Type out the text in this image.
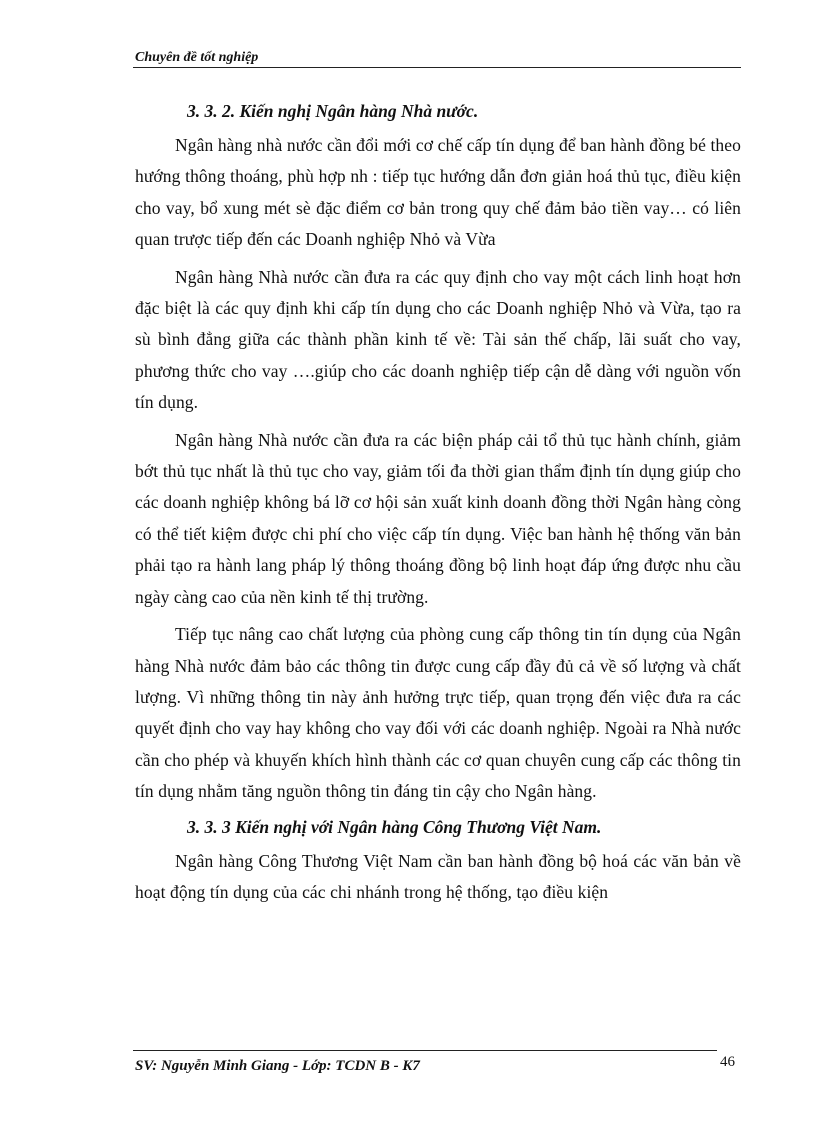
Chuyên đề tốt nghiệp

3. 3. 2. Kiến nghị Ngân hàng Nhà nước.

Ngân hàng nhà nước cần đổi mới cơ chế cấp tín dụng để ban hành đồng bé theo hướng thông thoáng, phù hợp nh : tiếp tục hướng dẫn đơn giản hoá thủ tục, điều kiện cho vay, bổ xung mét sè đặc điểm cơ bản trong quy chế đảm bảo tiền vay… có liên quan trược tiếp đến các Doanh nghiệp Nhỏ và Vừa

Ngân hàng Nhà nước cần đưa ra các quy định cho vay một cách linh hoạt hơn đặc biệt là các quy định khi cấp tín dụng cho các Doanh nghiệp Nhỏ và Vừa, tạo ra sù bình đẳng giữa các thành phần kinh tế về: Tài sản thế chấp, lãi suất cho vay, phương thức cho vay ….giúp cho các doanh nghiệp tiếp cận dễ dàng với nguồn vốn tín dụng.

Ngân hàng Nhà nước cần đưa ra các biện pháp cải tổ thủ tục hành chính, giảm bớt thủ tục nhất là thủ tục cho vay, giảm tối đa thời gian thẩm định tín dụng giúp cho các doanh nghiệp không bá lỡ cơ hội sản xuất kinh doanh đồng thời Ngân hàng còng có thể tiết kiệm được chi phí cho việc cấp tín dụng. Việc ban hành hệ thống văn bản phải tạo ra hành lang pháp lý thông thoáng đồng bộ linh hoạt đáp ứng được nhu cầu ngày càng cao của nền kinh tế thị trường.

Tiếp tục nâng cao chất lượng của phòng cung cấp thông tin tín dụng của Ngân hàng Nhà nước đảm bảo các thông tin được cung cấp đầy đủ cả về số lượng và chất lượng. Vì những thông tin này ảnh hưởng trực tiếp, quan trọng đến việc đưa ra các quyết định cho vay hay không cho vay đối với các doanh nghiệp. Ngoài ra Nhà nước cần cho phép và khuyến khích hình thành các cơ quan chuyên cung cấp các thông tin tín dụng nhằm tăng nguồn thông tin đáng tin cậy cho Ngân hàng.

3. 3. 3 Kiến nghị với Ngân hàng Công Thương Việt Nam.

Ngân hàng Công Thương Việt Nam cần ban hành đồng bộ hoá các văn bản về hoạt động tín dụng của các chi nhánh trong hệ thống, tạo điều kiện

SV: Nguyễn Minh Giang - Lớp: TCDN B - K7	46
